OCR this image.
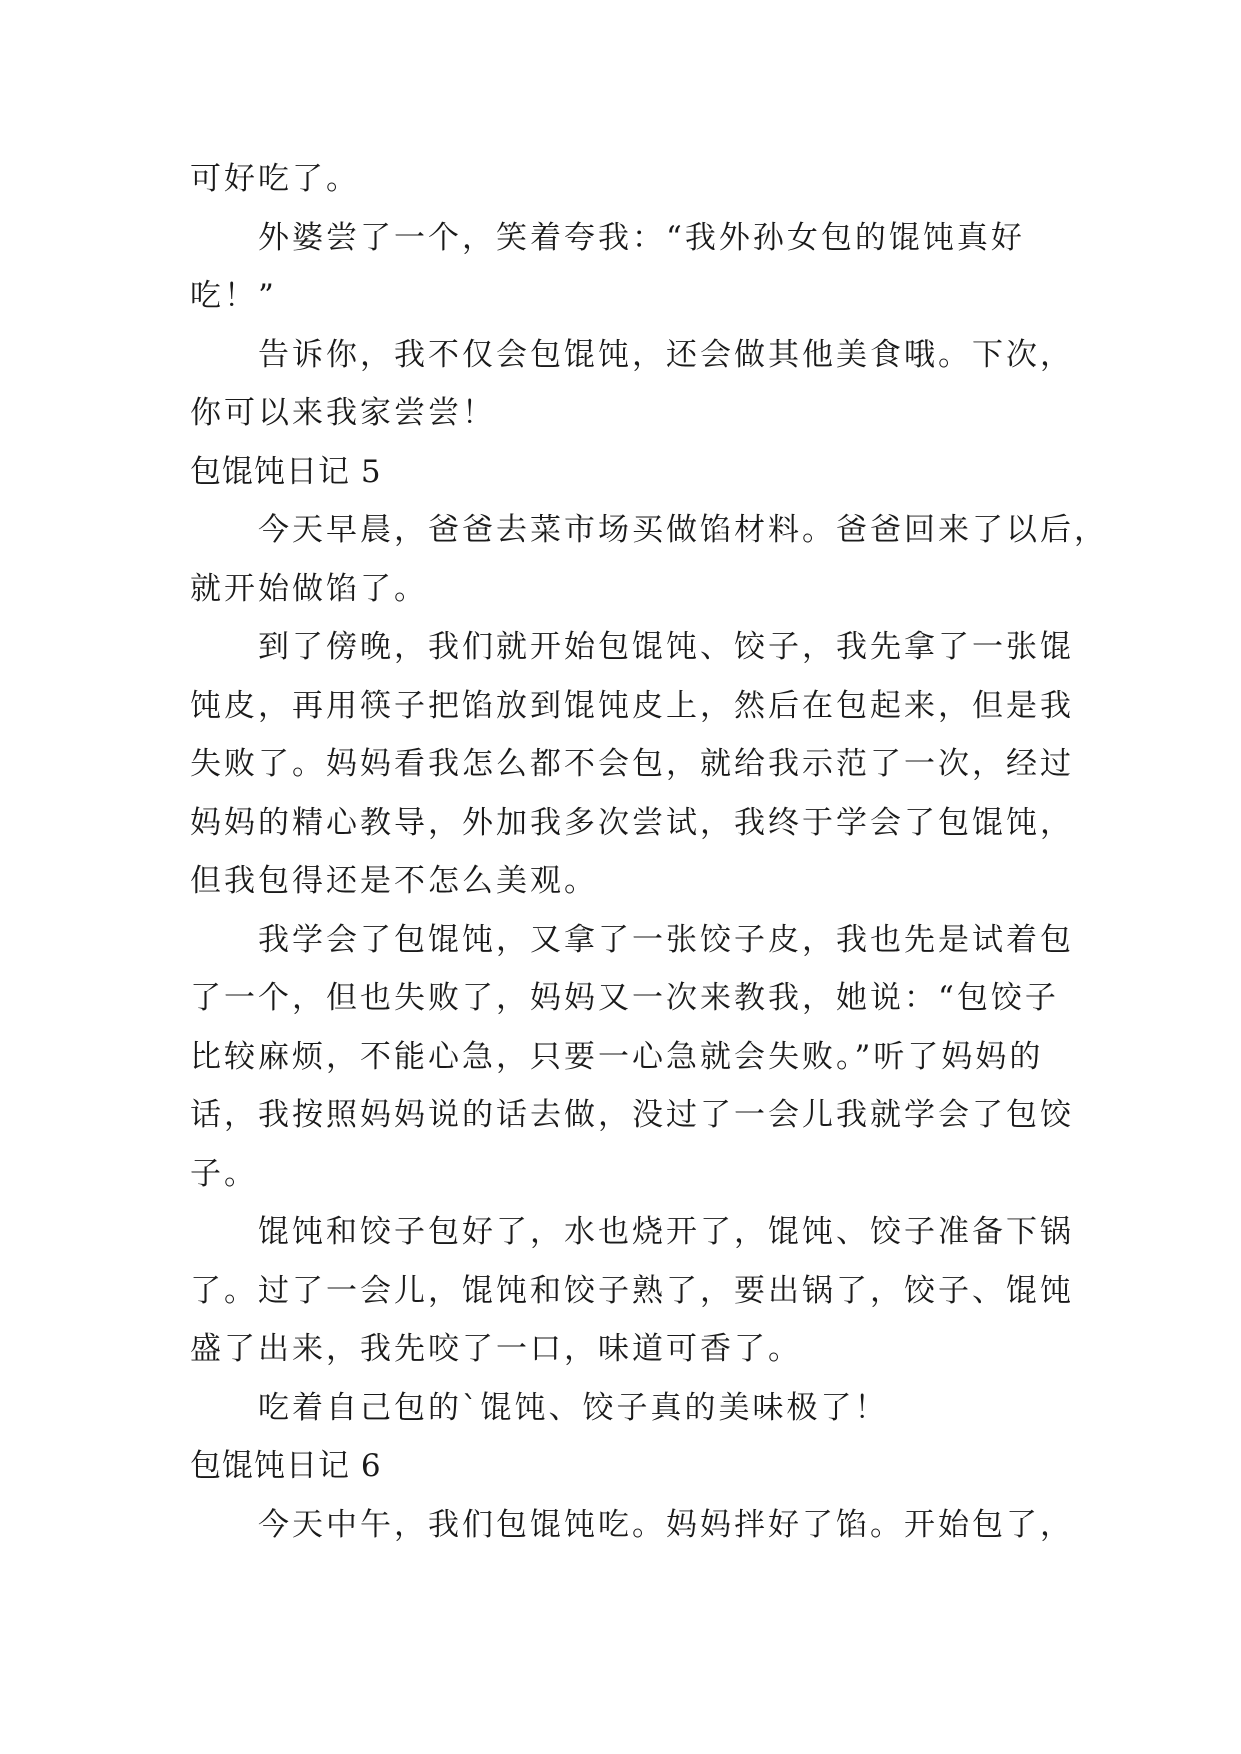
可好吃了。
外婆尝了一个，笑着夸我：“我外孙女包的馄饨真好
吃！”
告诉你，我不仅会包馄饨，还会做其他美食哦。下次，
你可以来我家尝尝！
包馄饨日记 5
今天早晨，爸爸去菜市场买做馅材料。爸爸回来了以后，
就开始做馅了。
到了傍晚，我们就开始包馄饨、饺子，我先拿了一张馄
饨皮，再用筷子把馅放到馄饨皮上，然后在包起来，但是我
失败了。妈妈看我怎么都不会包，就给我示范了一次，经过
妈妈的精心教导，外加我多次尝试，我终于学会了包馄饨，
但我包得还是不怎么美观。
我学会了包馄饨，又拿了一张饺子皮，我也先是试着包
了一个，但也失败了，妈妈又一次来教我，她说：“包饺子
比较麻烦，不能心急，只要一心急就会失败。”听了妈妈的
话，我按照妈妈说的话去做，没过了一会儿我就学会了包饺
子。
馄饨和饺子包好了，水也烧开了，馄饨、饺子准备下锅
了。过了一会儿，馄饨和饺子熟了，要出锅了，饺子、馄饨
盛了出来，我先咬了一口，味道可香了。
吃着自己包的`馄饨、饺子真的美味极了！
包馄饨日记 6
今天中午，我们包馄饨吃。妈妈拌好了馅。开始包了，
